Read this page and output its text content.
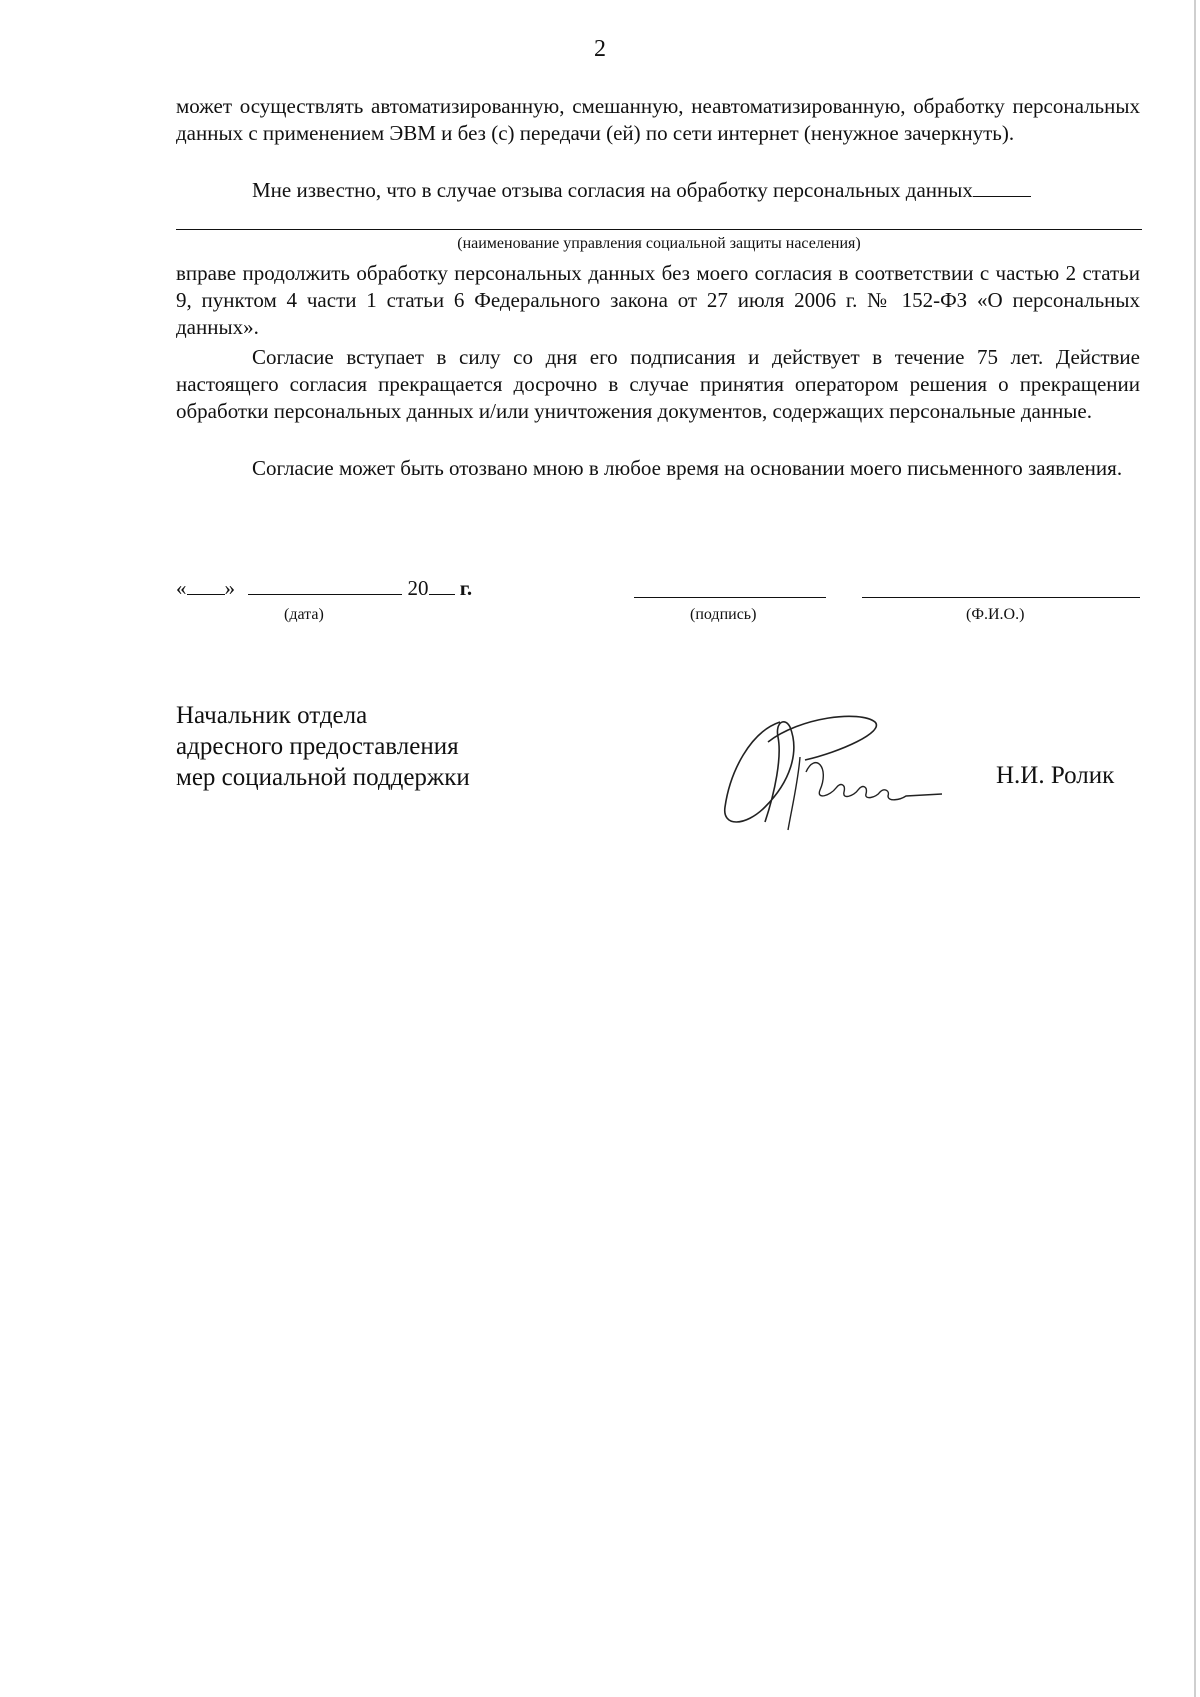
2
может осуществлять автоматизированную, смешанную, неавтоматизированную, обработку персональных данных с применением ЭВМ и без (с) передачи (ей) по сети интернет (ненужное зачеркнуть).
Мне известно, что в случае отзыва согласия на обработку персональных данных
(наименование управления социальной защиты населения)
вправе продолжить обработку персональных данных без моего согласия в соответствии с частью 2 статьи 9, пунктом 4 части 1 статьи 6 Федерального закона от 27 июля 2006 г. № 152-ФЗ «О персональных данных».
Согласие вступает в силу со дня его подписания и действует в течение 75 лет. Действие настоящего согласия прекращается досрочно в случае принятия оператором решения о прекращении обработки персональных данных и/или уничтожения документов, содержащих персональные данные.
Согласие может быть отозвано мною в любое время на основании моего письменного заявления.
« »	20 г.
(дата)	(подпись)	(Ф.И.О.)
Начальник отдела
адресного предоставления
мер социальной поддержки	Н.И. Ролик
